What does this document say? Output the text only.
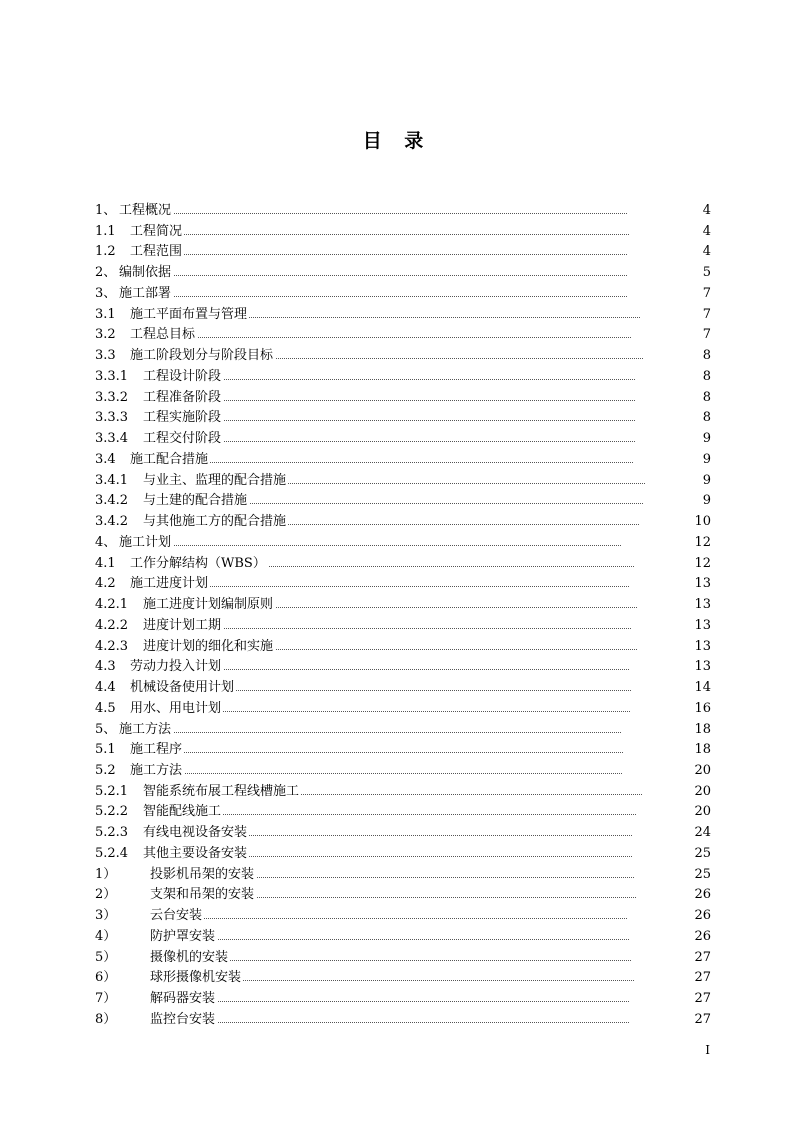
目 录
1、 工程概况	4
1.1 工程简况	4
1.2 工程范围	4
2、 编制依据	5
3、 施工部署	7
3.1 施工平面布置与管理	7
3.2 工程总目标	7
3.3 施工阶段划分与阶段目标	8
3.3.1 工程设计阶段	8
3.3.2 工程准备阶段	8
3.3.3 工程实施阶段	8
3.3.4 工程交付阶段	9
3.4 施工配合措施	9
3.4.1 与业主、监理的配合措施	9
3.4.2 与土建的配合措施	9
3.4.2 与其他施工方的配合措施	10
4、 施工计划	12
4.1 工作分解结构（WBS）	12
4.2 施工进度计划	13
4.2.1 施工进度计划编制原则	13
4.2.2 进度计划工期	13
4.2.3 进度计划的细化和实施	13
4.3 劳动力投入计划	13
4.4 机械设备使用计划	14
4.5 用水、用电计划	16
5、 施工方法	18
5.1 施工程序	18
5.2 施工方法	20
5.2.1 智能系统布展工程线槽施工	20
5.2.2 智能配线施工	20
5.2.3 有线电视设备安装	24
5.2.4 其他主要设备安装	25
1）	投影机吊架的安装	25
2）	支架和吊架的安装	26
3）	云台安装	26
4）	防护罩安装	26
5）	摄像机的安装	27
6）	球形摄像机安装	27
7）	解码器安装	27
8）	监控台安装	27
I
